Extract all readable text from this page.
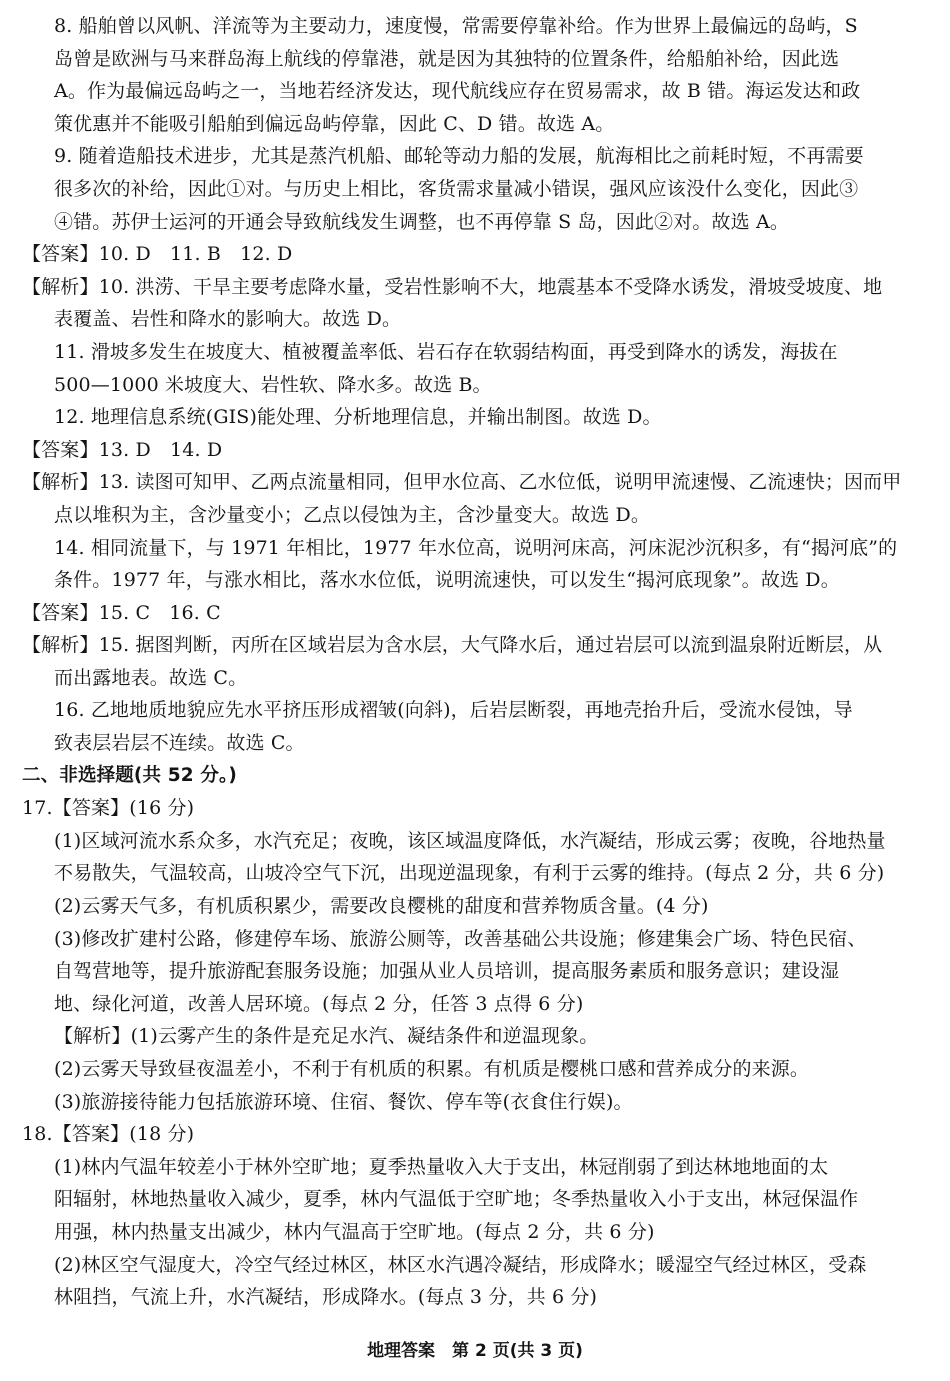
8. 船舶曾以风帆、洋流等为主要动力，速度慢，常需要停靠补给。作为世界上最偏远的岛屿，S
岛曾是欧洲与马来群岛海上航线的停靠港，就是因为其独特的位置条件，给船舶补给，因此选
A。作为最偏远岛屿之一，当地若经济发达，现代航线应存在贸易需求，故 B 错。海运发达和政
策优惠并不能吸引船舶到偏远岛屿停靠，因此 C、D 错。故选 A。
9. 随着造船技术进步，尤其是蒸汽机船、邮轮等动力船的发展，航海相比之前耗时短，不再需要
很多次的补给，因此①对。与历史上相比，客货需求量减小错误，强风应该没什么变化，因此③
④错。苏伊士运河的开通会导致航线发生调整，也不再停靠 S 岛，因此②对。故选 A。
【答案】10. D　11. B　12. D
【解析】10. 洪涝、干旱主要考虑降水量，受岩性影响不大，地震基本不受降水诱发，滑坡受坡度、地
表覆盖、岩性和降水的影响大。故选 D。
11. 滑坡多发生在坡度大、植被覆盖率低、岩石存在软弱结构面，再受到降水的诱发，海拔在
500—1000 米坡度大、岩性软、降水多。故选 B。
12. 地理信息系统(GIS)能处理、分析地理信息，并输出制图。故选 D。
【答案】13. D　14. D
【解析】13. 读图可知甲、乙两点流量相同，但甲水位高、乙水位低，说明甲流速慢、乙流速快；因而甲
点以堆积为主，含沙量变小；乙点以侵蚀为主，含沙量变大。故选 D。
14. 相同流量下，与 1971 年相比，1977 年水位高，说明河床高，河床泥沙沉积多，有“揭河底”的
条件。1977 年，与涨水相比，落水水位低，说明流速快，可以发生“揭河底现象”。故选 D。
【答案】15. C　16. C
【解析】15. 据图判断，丙所在区域岩层为含水层，大气降水后，通过岩层可以流到温泉附近断层，从
而出露地表。故选 C。
16. 乙地地质地貌应先水平挤压形成褶皱(向斜)，后岩层断裂，再地壳抬升后，受流水侵蚀，导
致表层岩层不连续。故选 C。
二、非选择题(共 52 分。)
17.【答案】(16 分)
(1)区域河流水系众多，水汽充足；夜晚，该区域温度降低，水汽凝结，形成云雾；夜晚，谷地热量
不易散失，气温较高，山坡冷空气下沉，出现逆温现象，有利于云雾的维持。(每点 2 分，共 6 分)
(2)云雾天气多，有机质积累少，需要改良樱桃的甜度和营养物质含量。(4 分)
(3)修改扩建村公路，修建停车场、旅游公厕等，改善基础公共设施；修建集会广场、特色民宿、
自驾营地等，提升旅游配套服务设施；加强从业人员培训，提高服务素质和服务意识；建设湿
地、绿化河道，改善人居环境。(每点 2 分，任答 3 点得 6 分)
【解析】(1)云雾产生的条件是充足水汽、凝结条件和逆温现象。
(2)云雾天导致昼夜温差小，不利于有机质的积累。有机质是樱桃口感和营养成分的来源。
(3)旅游接待能力包括旅游环境、住宿、餐饮、停车等(衣食住行娱)。
18.【答案】(18 分)
(1)林内气温年较差小于林外空旷地；夏季热量收入大于支出，林冠削弱了到达林地地面的太
阳辐射，林地热量收入减少，夏季，林内气温低于空旷地；冬季热量收入小于支出，林冠保温作
用强，林内热量支出减少，林内气温高于空旷地。(每点 2 分，共 6 分)
(2)林区空气湿度大，冷空气经过林区，林区水汽遇冷凝结，形成降水；暖湿空气经过林区，受森
林阻挡，气流上升，水汽凝结，形成降水。(每点 3 分，共 6 分)
地理答案　第 2 页(共 3 页)
